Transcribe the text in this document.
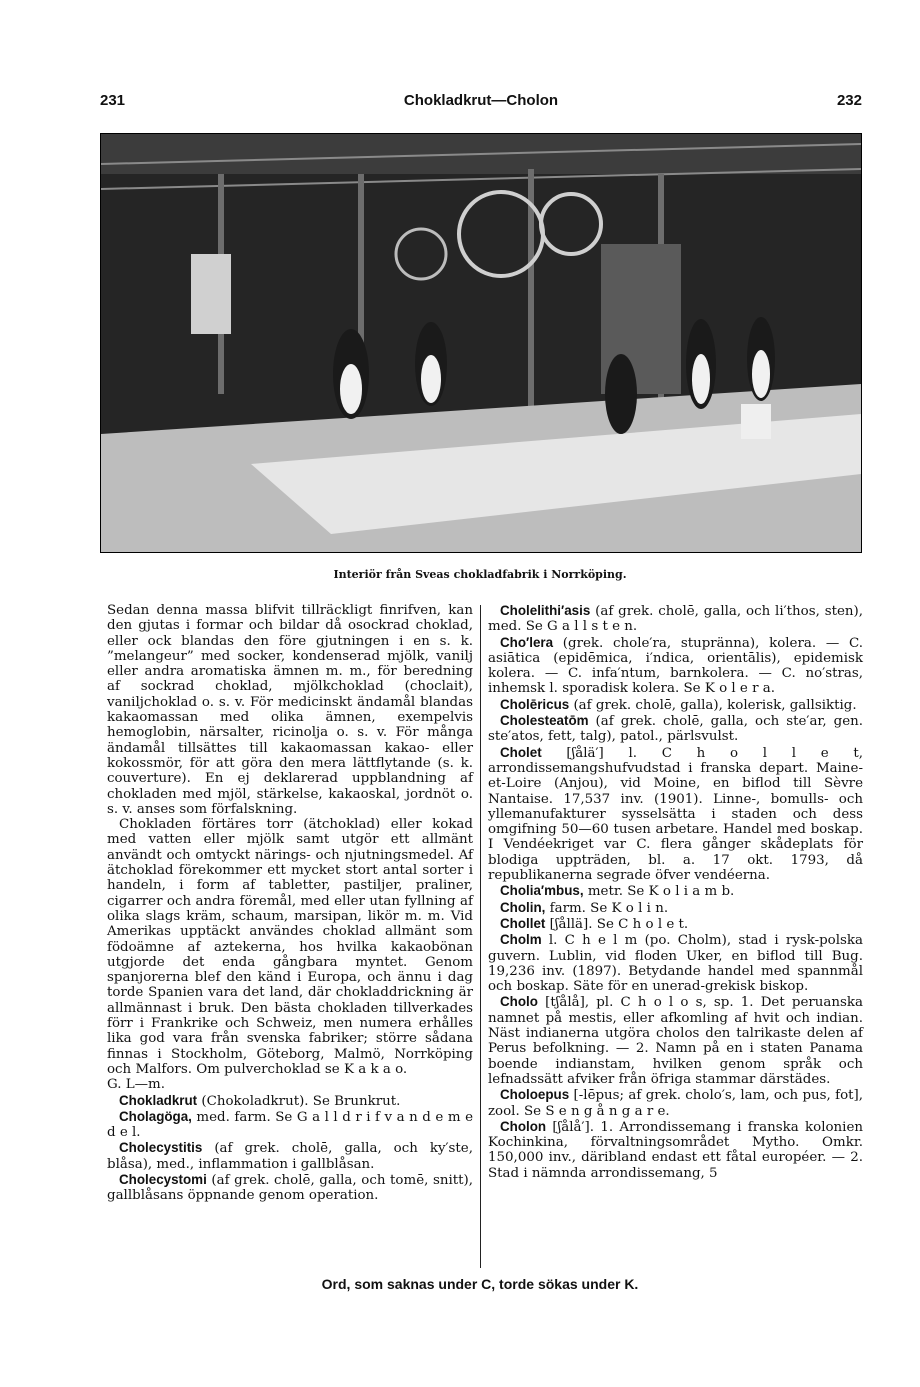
231	Chokladkrut—Cholon	232
Interiör från Sveas chokladfabrik i Norrköping.

Sedan denna massa blifvit tillräckligt finrifven, kan den gjutas i formar och bildar då osockrad choklad, eller ock blandas den före gjutningen i en s. k. ”melangeur” med socker, kondenserad mjölk, vanilj eller andra aromatiska ämnen m. m., för beredning af sockrad choklad, mjölkchoklad (choclait), vaniljchoklad o. s. v. För medicinskt ändamål blandas kakaomassan med olika ämnen, exempelvis hemoglobin, närsalter, ricinolja o. s. v. För många ändamål tillsättes till kakaomassan kakao- eller kokossmör, för att göra den mera lättflytande (s. k. couverture). En ej deklarerad uppblandning af chokladen med mjöl, stärkelse, kakaoskal, jordnöt o. s. v. anses som förfalskning.

Chokladen förtäres torr (ätchoklad) eller kokad med vatten eller mjölk samt utgör ett allmänt användt och omtyckt närings- och njutningsmedel. Af ätchoklad förekommer ett mycket stort antal sorter i handeln, i form af tabletter, pastiljer, praliner, cigarrer och andra föremål, med eller utan fyllning af olika slags kräm, schaum, marsipan, likör m. m. Vid Amerikas upptäckt användes choklad allmänt som födoämne af aztekerna, hos hvilka kakaobönan utgjorde det enda gångbara myntet. Genom spanjorerna blef den känd i Europa, och ännu i dag torde Spanien vara det land, där chokladdrickning är allmännast i bruk. Den bästa chokladen tillverkades förr i Frankrike och Schweiz, men numera erhålles lika god vara från svenska fabriker; större sådana finnas i Stockholm, Göteborg, Malmö, Norrköping och Malfors. Om pulverchoklad se K a k a o.

G. L—m.

Chokladkrut (Chokoladkrut). Se Brunkrut.

Cholagöga, med. farm. Se G a l l d r i f v a n d e m e d e l.

Cholecystitis (af grek. cholē, galla, och ky′ste, blåsa), med., inflammation i gallblåsan.

Cholecystomi (af grek. cholē, galla, och tomē, snitt), gallblåsans öppnande genom operation.

Cholelithi′asis (af grek. cholē, galla, och li′thos, sten), med. Se G a l l s t e n.

Cho′lera (grek. chole′ra, stupränna), kolera. — C. asiātica (epidēmica, i′ndica, orientālis), epidemisk kolera. — C. infa′ntum, barnkolera. — C. no′stras, inhemsk l. sporadisk kolera. Se K o l e r a.

Cholēricus (af grek. cholē, galla), kolerisk, gallsiktig.

Cholesteatōm (af grek. cholē, galla, och ste′ar, gen. ste′atos, fett, talg), patol., pärlsvulst.

Cholet [ʃålä′] l. C h o l l e t, arrondissemangshufvudstad i franska depart. Maine-et-Loire (Anjou), vid Moine, en biflod till Sèvre Nantaise. 17,537 inv. (1901). Linne-, bomulls- och yllemanufakturer sysselsätta i staden och dess omgifning 50—60 tusen arbetare. Handel med boskap. I Vendéekriget var C. flera gånger skådeplats för blodiga uppträden, bl. a. 17 okt. 1793, då republikanerna segrade öfver vendéerna.

Cholia′mbus, metr. Se K o l i a m b.

Cholin, farm. Se K o l i n.

Chollet [ʃållä]. Se C h o l e t.

Cholm l. C h e l m (po. Cholm), stad i rysk-polska guvern. Lublin, vid floden Uker, en biflod till Bug. 19,236 inv. (1897). Betydande handel med spannmål och boskap. Säte för en unerad-grekisk biskop.

Cholo [tʃålå], pl. C h o l o s, sp. 1. Det peruanska namnet på mestis, eller afkomling af hvit och indian. Näst indianerna utgöra cholos den talrikaste delen af Perus befolkning. — 2. Namn på en i staten Panama boende indianstam, hvilken genom språk och lefnadssätt afviker från öfriga stammar därstädes.

Choloepus [-lēpus; af grek. cholo′s, lam, och pus, fot], zool. Se S e n g å n g a r e.

Cholon [ʃålå′]. 1. Arrondissemang i franska kolonien Kochinkina, förvaltningsområdet Mytho. Omkr. 150,000 inv., däribland endast ett fåtal européer. — 2. Stad i nämnda arrondissemang, 5

Ord, som saknas under C, torde sökas under K.
